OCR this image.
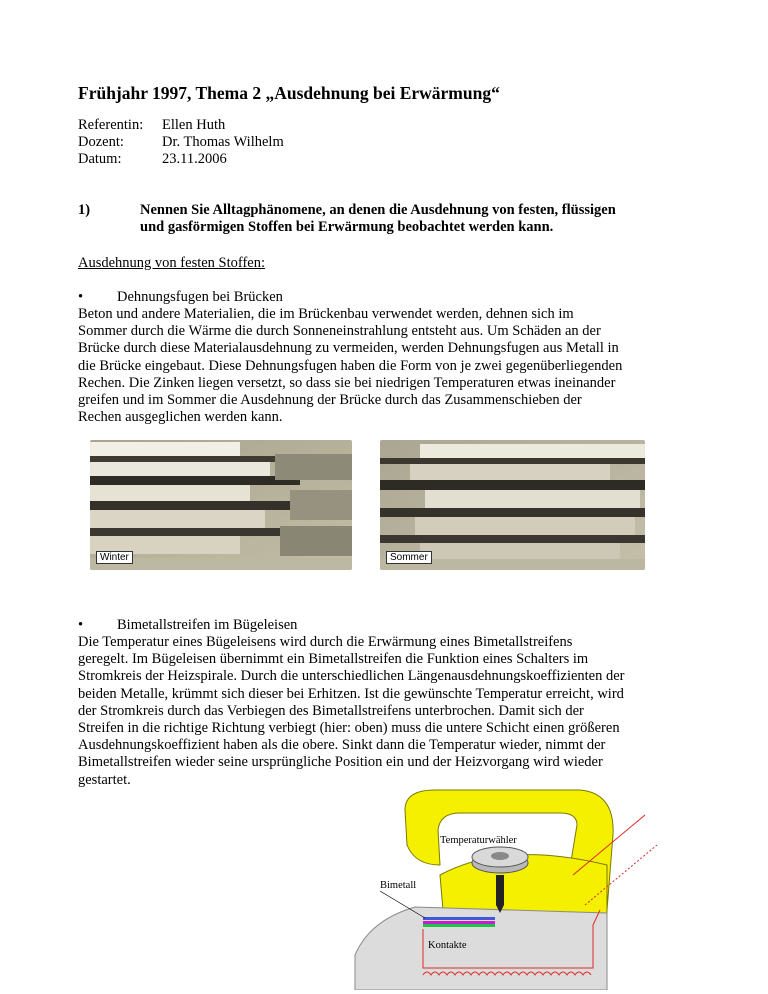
Frühjahr 1997, Thema 2 „Ausdehnung bei Erwärmung“
Referentin:	Ellen Huth
Dozent:	Dr. Thomas Wilhelm
Datum:	23.11.2006
1)	Nennen Sie Alltagphänomene, an denen die Ausdehnung von festen, flüssigen
und gasförmigen Stoffen bei Erwärmung beobachtet werden kann.
Ausdehnung von festen Stoffen:
•	Dehnungsfugen bei Brücken
Beton und andere Materialien, die im Brückenbau verwendet werden, dehnen sich im
Sommer durch die Wärme die durch Sonneneinstrahlung entsteht aus. Um Schäden an der
Brücke durch diese Materialausdehnung zu vermeiden, werden Dehnungsfugen aus Metall in
die Brücke eingebaut. Diese Dehnungsfugen haben die Form von je zwei gegenüberliegenden
Rechen. Die Zinken liegen versetzt, so dass sie bei niedrigen Temperaturen etwas ineinander
greifen und im Sommer die Ausdehnung der Brücke durch das Zusammenschieben der
Rechen ausgeglichen werden kann.
Winter	Sommer
•	Bimetallstreifen im Bügeleisen
Die Temperatur eines Bügeleisens wird durch die Erwärmung eines Bimetallstreifens
geregelt. Im Bügeleisen übernimmt ein Bimetallstreifen die Funktion eines Schalters im
Stromkreis der Heizspirale. Durch die unterschiedlichen Längenausdehnungskoeffizienten der
beiden Metalle, krümmt sich dieser bei Erhitzen. Ist die gewünschte Temperatur erreicht, wird
der Stromkreis durch das Verbiegen des Bimetallstreifens unterbrochen. Damit sich der
Streifen in die richtige Richtung verbiegt (hier: oben) muss die untere Schicht einen größeren
Ausdehnungskoeffizient haben als die obere. Sinkt dann die Temperatur wieder, nimmt der
Bimetallstreifen wieder seine ursprüngliche Position ein und der Heizvorgang wird wieder
gestartet.
Temperaturwähler
Bimetall
Kontakte
